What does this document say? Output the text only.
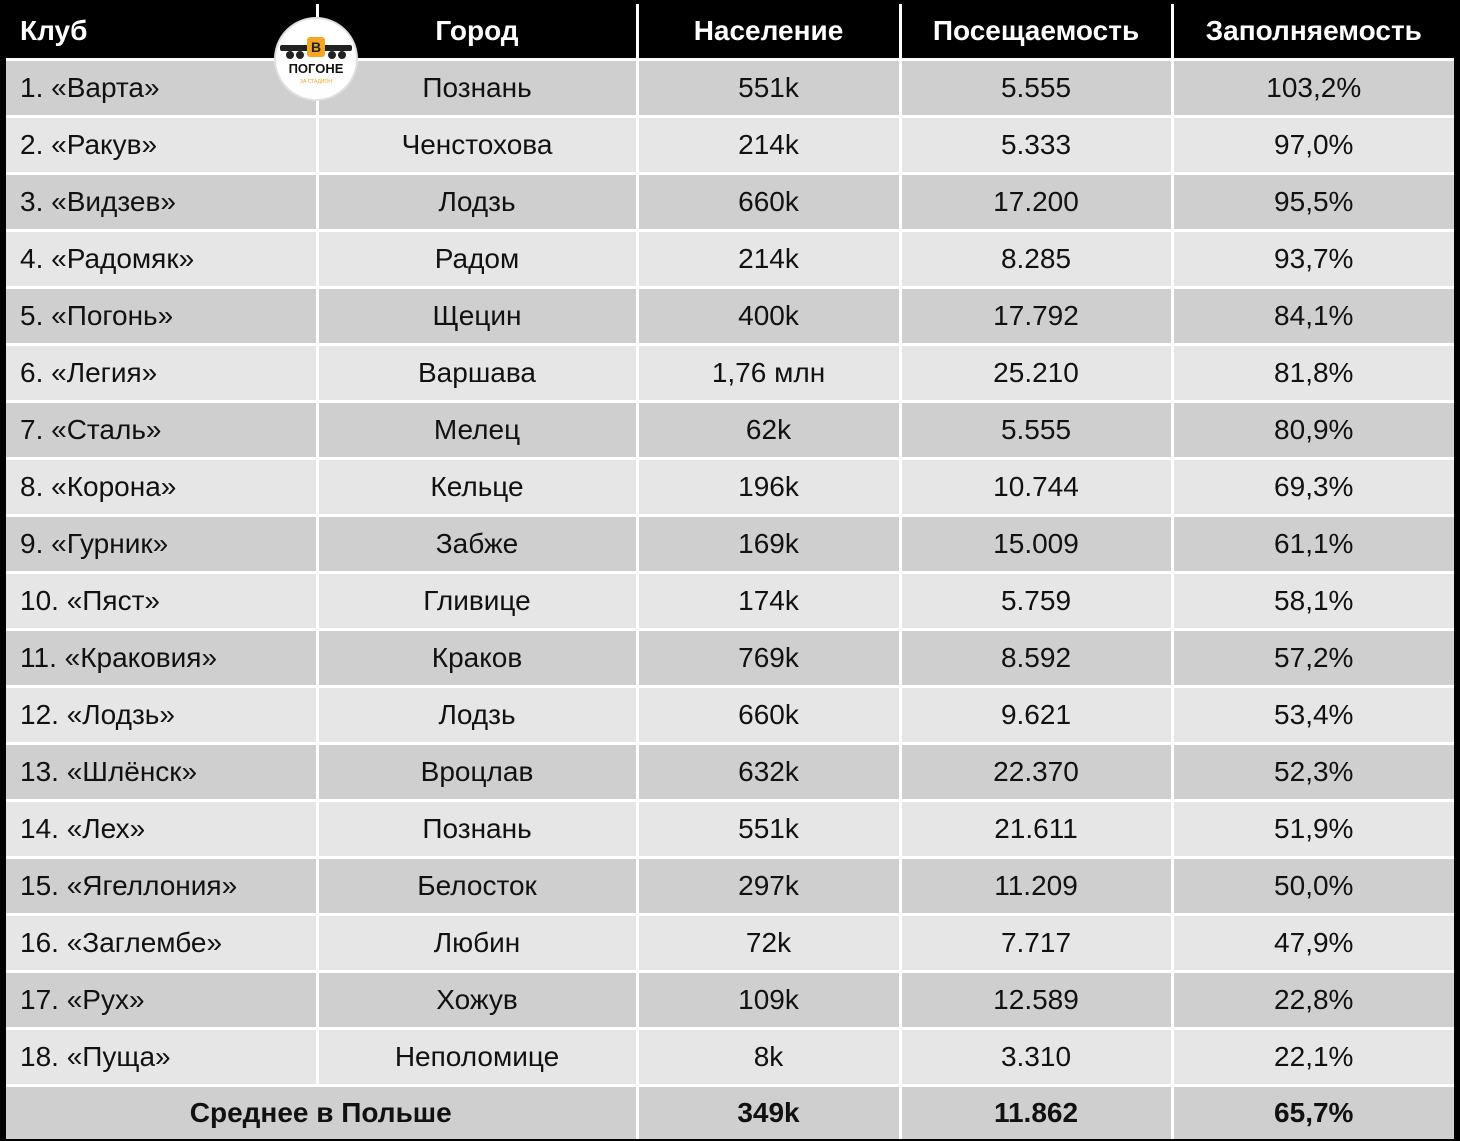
Клуб	Город	Население	Посещаемость	Заполняемость
1. «Варта»	Познань	551k	5.555	103,2%
2. «Ракув»	Ченстохова	214k	5.333	97,0%
3. «Видзев»	Лодзь	660k	17.200	95,5%
4. «Радомяк»	Радом	214k	8.285	93,7%
5. «Погонь»	Щецин	400k	17.792	84,1%
6. «Легия»	Варшава	1,76 млн	25.210	81,8%
7. «Сталь»	Мелец	62k	5.555	80,9%
8. «Корона»	Кельце	196k	10.744	69,3%
9. «Гурник»	Забже	169k	15.009	61,1%
10. «Пяст»	Гливице	174k	5.759	58,1%
11. «Краковия»	Краков	769k	8.592	57,2%
12. «Лодзь»	Лодзь	660k	9.621	53,4%
13. «Шлёнск»	Вроцлав	632k	22.370	52,3%
14. «Лех»	Познань	551k	21.611	51,9%
15. «Ягеллония»	Белосток	297k	11.209	50,0%
16. «Заглембе»	Любин	72k	7.717	47,9%
17. «Рух»	Хожув	109k	12.589	22,8%
18. «Пуща»	Неполомице	8k	3.310	22,1%
Среднее в Польше		349k	11.862	65,7%
В
ПОГОНЕ
ЗА СТАДИОН
